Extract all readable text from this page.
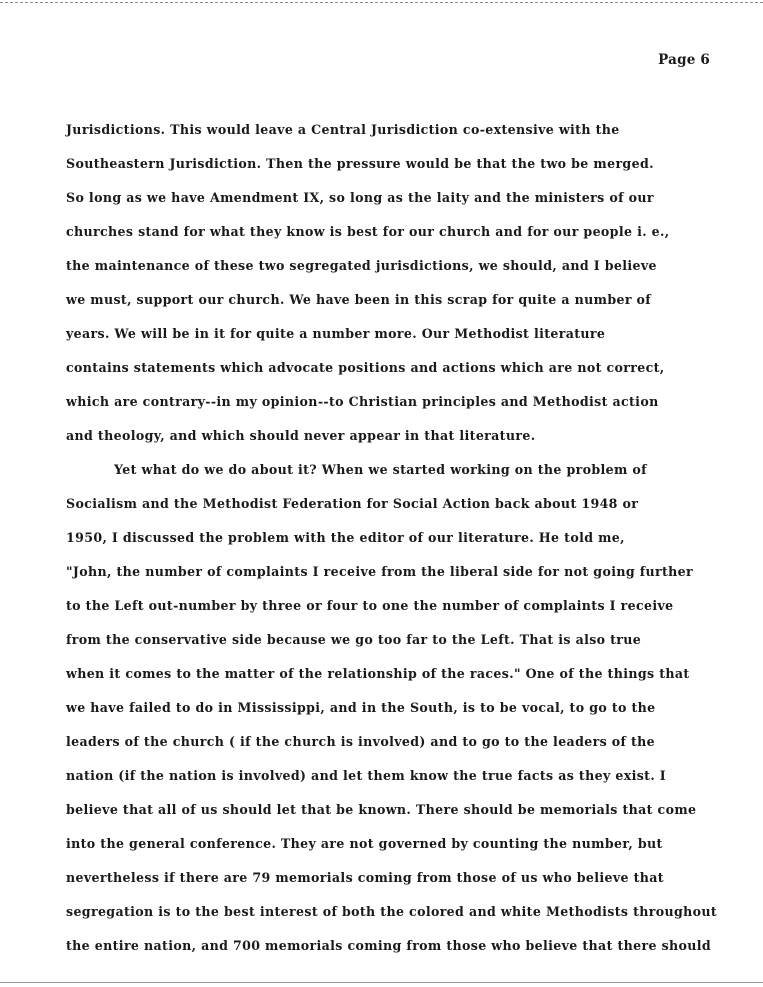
Page 6
Jurisdictions. This would leave a Central Jurisdiction co-extensive with the
Southeastern Jurisdiction. Then the pressure would be that the two be merged.
So long as we have Amendment IX, so long as the laity and the ministers of our
churches stand for what they know is best for our church and for our people i. e.,
the maintenance of these two segregated jurisdictions, we should, and I believe
we must, support our church. We have been in this scrap for quite a number of
years. We will be in it for quite a number more. Our Methodist literature
contains statements which advocate positions and actions which are not correct,
which are contrary--in my opinion--to Christian principles and Methodist action
and theology, and which should never appear in that literature.
Yet what do we do about it? When we started working on the problem of
Socialism and the Methodist Federation for Social Action back about 1948 or
1950, I discussed the problem with the editor of our literature. He told me,
"John, the number of complaints I receive from the liberal side for not going further
to the Left out-number by three or four to one the number of complaints I receive
from the conservative side because we go too far to the Left. That is also true
when it comes to the matter of the relationship of the races." One of the things that
we have failed to do in Mississippi, and in the South, is to be vocal, to go to the
leaders of the church ( if the church is involved) and to go to the leaders of the
nation (if the nation is involved) and let them know the true facts as they exist. I
believe that all of us should let that be known. There should be memorials that come
into the general conference. They are not governed by counting the number, but
nevertheless if there are 79 memorials coming from those of us who believe that
segregation is to the best interest of both the colored and white Methodists throughout
the entire nation, and 700 memorials coming from those who believe that there should
